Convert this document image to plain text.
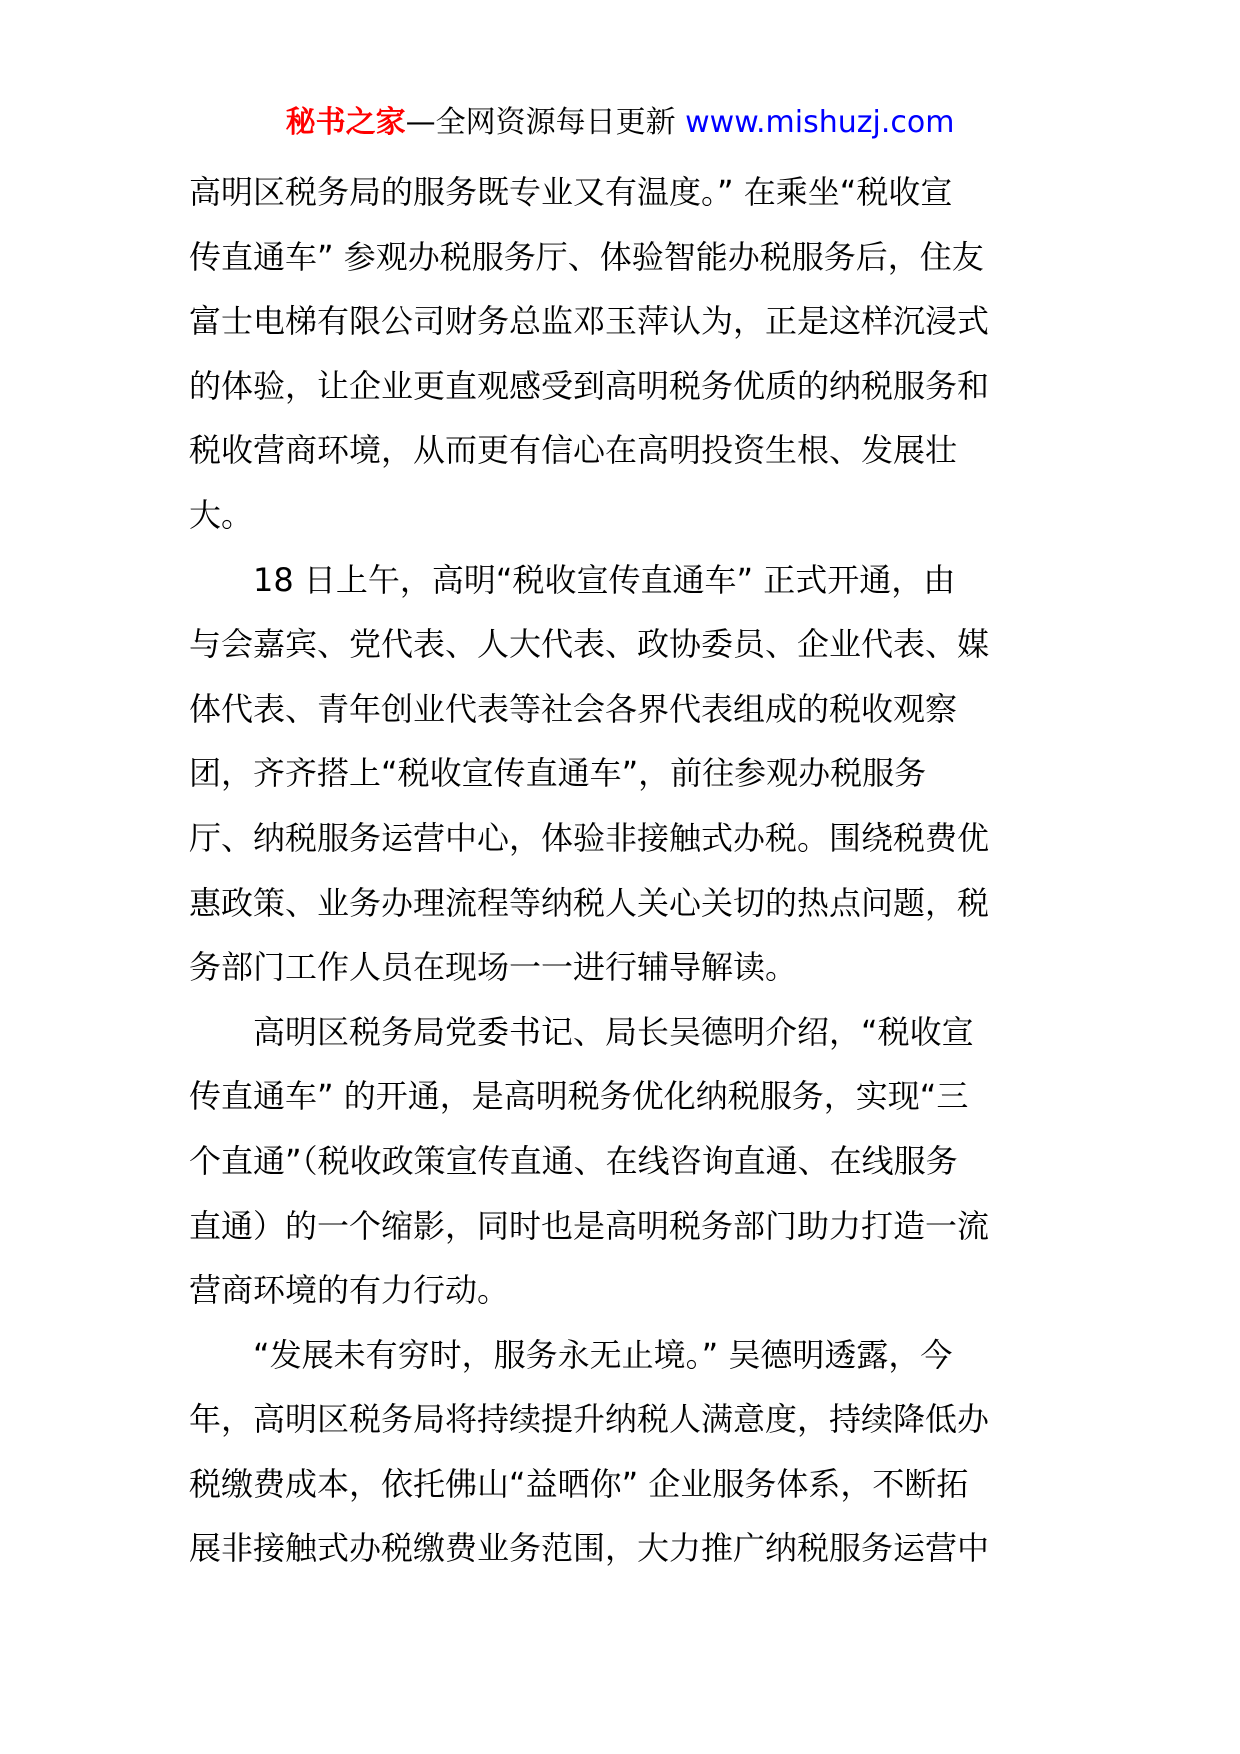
秘书之家—全网资源每日更新 www.mishuzj.com
高明区税务局的服务既专业又有温度。” 在乘坐“税收宣
传直通车” 参观办税服务厅、体验智能办税服务后，住友
富士电梯有限公司财务总监邓玉萍认为，正是这样沉浸式
的体验，让企业更直观感受到高明税务优质的纳税服务和
税收营商环境，从而更有信心在高明投资生根、发展壮
大。
18 日上午，高明“税收宣传直通车” 正式开通，由
与会嘉宾、党代表、人大代表、政协委员、企业代表、媒
体代表、青年创业代表等社会各界代表组成的税收观察
团，齐齐搭上“税收宣传直通车”，前往参观办税服务
厅、纳税服务运营中心，体验非接触式办税。围绕税费优
惠政策、业务办理流程等纳税人关心关切的热点问题，税
务部门工作人员在现场一一进行辅导解读。
高明区税务局党委书记、局长吴德明介绍，“税收宣
传直通车” 的开通，是高明税务优化纳税服务，实现“三
个直通”（税收政策宣传直通、在线咨询直通、在线服务
直通）的一个缩影，同时也是高明税务部门助力打造一流
营商环境的有力行动。
“发展未有穷时，服务永无止境。” 吴德明透露，今
年，高明区税务局将持续提升纳税人满意度，持续降低办
税缴费成本，依托佛山“益晒你” 企业服务体系，不断拓
展非接触式办税缴费业务范围，大力推广纳税服务运营中
